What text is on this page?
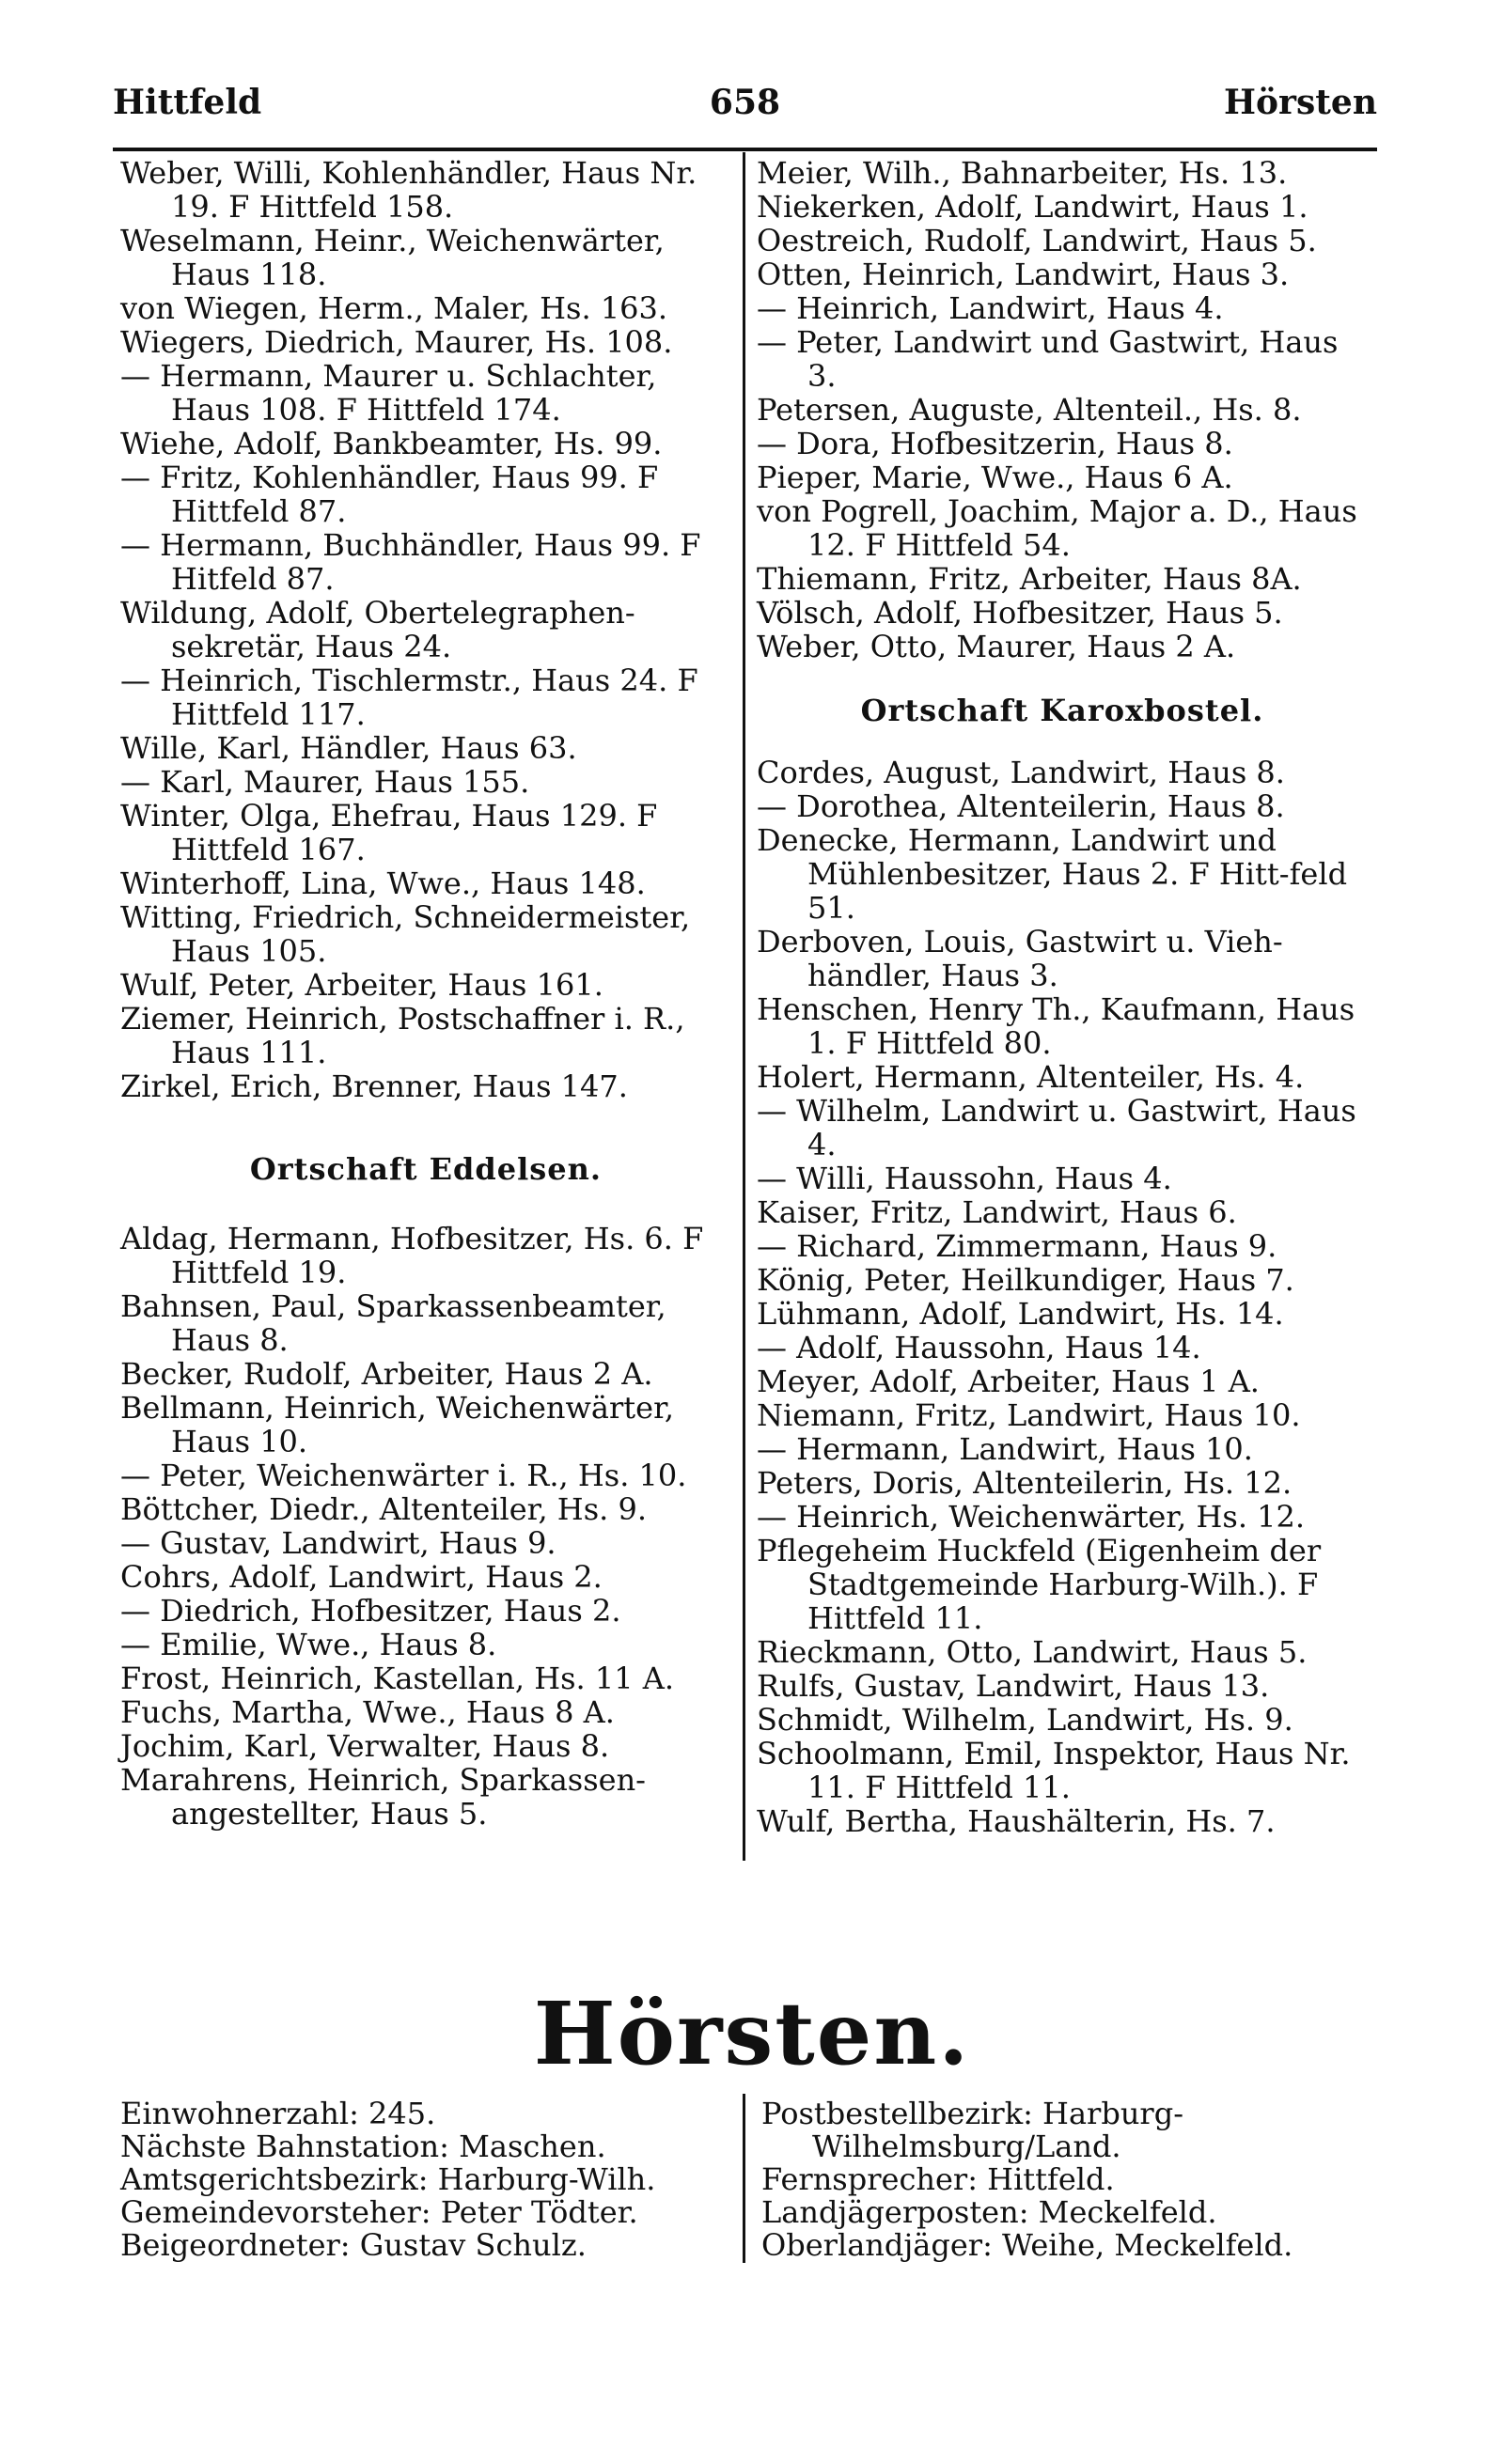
658
Hittfeld	Hörsten
Weber, Willi, Kohlenhändler, Haus Nr. 19. F Hittfeld 158.
Weselmann, Heinr., Weichenwärter, Haus 118.
von Wiegen, Herm., Maler, Hs. 163.
Wiegers, Diedrich, Maurer, Hs. 108.
— Hermann, Maurer u. Schlachter, Haus 108. F Hittfeld 174.
Wiehe, Adolf, Bankbeamter, Hs. 99.
— Fritz, Kohlenhändler, Haus 99. F Hittfeld 87.
— Hermann, Buchhändler, Haus 99. F Hitfeld 87.
Wildung, Adolf, Obertelegraphen-sekretär, Haus 24.
— Heinrich, Tischlermstr., Haus 24. F Hittfeld 117.
Wille, Karl, Händler, Haus 63.
— Karl, Maurer, Haus 155.
Winter, Olga, Ehefrau, Haus 129. F Hittfeld 167.
Winterhoff, Lina, Wwe., Haus 148.
Witting, Friedrich, Schneidermeister, Haus 105.
Wulf, Peter, Arbeiter, Haus 161.
Ziemer, Heinrich, Postschaffner i. R., Haus 111.
Zirkel, Erich, Brenner, Haus 147.
Ortschaft Eddelsen.
Aldag, Hermann, Hofbesitzer, Hs. 6. F Hittfeld 19.
Bahnsen, Paul, Sparkassenbeamter, Haus 8.
Becker, Rudolf, Arbeiter, Haus 2 A.
Bellmann, Heinrich, Weichenwärter, Haus 10.
— Peter, Weichenwärter i. R., Hs. 10.
Böttcher, Diedr., Altenteiler, Hs. 9.
— Gustav, Landwirt, Haus 9.
Cohrs, Adolf, Landwirt, Haus 2.
— Diedrich, Hofbesitzer, Haus 2.
— Emilie, Wwe., Haus 8.
Frost, Heinrich, Kastellan, Hs. 11 A.
Fuchs, Martha, Wwe., Haus 8 A.
Jochim, Karl, Verwalter, Haus 8.
Marahrens, Heinrich, Sparkassen-angestellter, Haus 5.
Meier, Wilh., Bahnarbeiter, Hs. 13.
Niekerken, Adolf, Landwirt, Haus 1.
Oestreich, Rudolf, Landwirt, Haus 5.
Otten, Heinrich, Landwirt, Haus 3.
— Heinrich, Landwirt, Haus 4.
— Peter, Landwirt und Gastwirt, Haus 3.
Petersen, Auguste, Altenteil., Hs. 8.
— Dora, Hofbesitzerin, Haus 8.
Pieper, Marie, Wwe., Haus 6 A.
von Pogrell, Joachim, Major a. D., Haus 12. F Hittfeld 54.
Thiemann, Fritz, Arbeiter, Haus 8A.
Völsch, Adolf, Hofbesitzer, Haus 5.
Weber, Otto, Maurer, Haus 2 A.
Ortschaft Karoxbostel.
Cordes, August, Landwirt, Haus 8.
— Dorothea, Altenteilerin, Haus 8.
Denecke, Hermann, Landwirt und Mühlenbesitzer, Haus 2. F Hitt-feld 51.
Derboven, Louis, Gastwirt u. Vieh-händler, Haus 3.
Henschen, Henry Th., Kaufmann, Haus 1. F Hittfeld 80.
Holert, Hermann, Altenteiler, Hs. 4.
— Wilhelm, Landwirt u. Gastwirt, Haus 4.
— Willi, Haussohn, Haus 4.
Kaiser, Fritz, Landwirt, Haus 6.
— Richard, Zimmermann, Haus 9.
König, Peter, Heilkundiger, Haus 7.
Lühmann, Adolf, Landwirt, Hs. 14.
— Adolf, Haussohn, Haus 14.
Meyer, Adolf, Arbeiter, Haus 1 A.
Niemann, Fritz, Landwirt, Haus 10.
— Hermann, Landwirt, Haus 10.
Peters, Doris, Altenteilerin, Hs. 12.
— Heinrich, Weichenwärter, Hs. 12.
Pflegeheim Huckfeld (Eigenheim der Stadtgemeinde Harburg-Wilh.). F Hittfeld 11.
Rieckmann, Otto, Landwirt, Haus 5.
Rulfs, Gustav, Landwirt, Haus 13.
Schmidt, Wilhelm, Landwirt, Hs. 9.
Schoolmann, Emil, Inspektor, Haus Nr. 11. F Hittfeld 11.
Wulf, Bertha, Haushälterin, Hs. 7.
Hörsten.
Einwohnerzahl: 245.
Nächste Bahnstation: Maschen.
Amtsgerichtsbezirk: Harburg-Wilh.
Gemeindevorsteher: Peter Tödter.
Beigeordneter: Gustav Schulz.
Postbestellbezirk: Harburg-Wilhelmsburg/Land.
Fernsprecher: Hittfeld.
Landjägerposten: Meckelfeld.
Oberlandjäger: Weihe, Meckelfeld.
